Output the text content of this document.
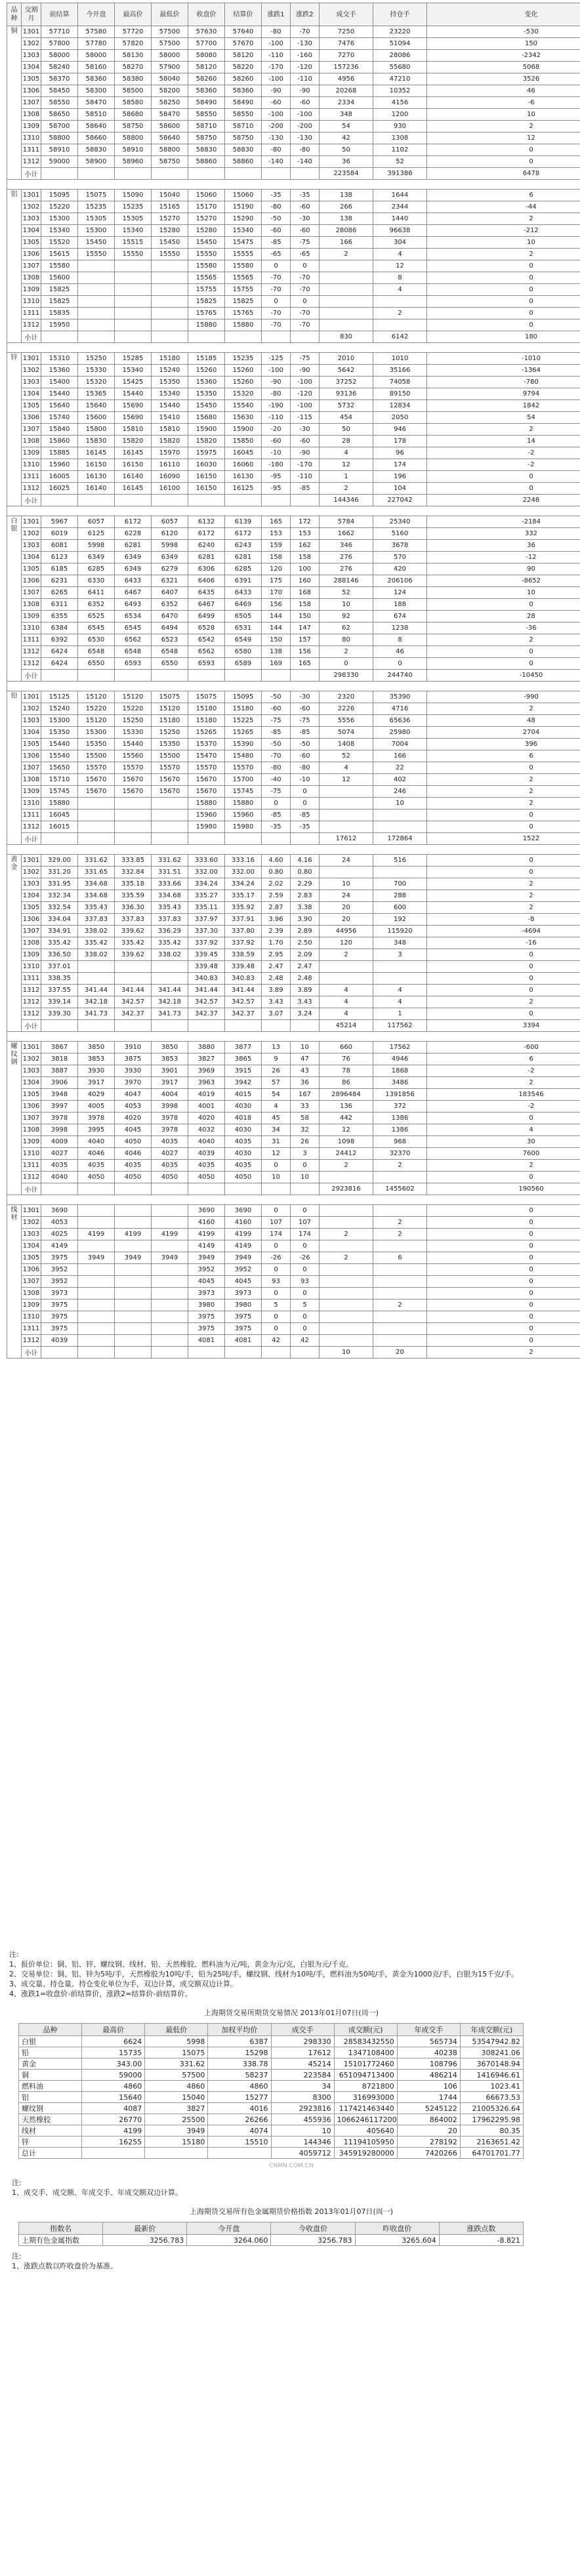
品种	交割月	前结算	今开盘	最高价	最低价	收盘价	结算价	涨跌1	涨跌2	成交手	持仓手	变化
铜	1301	57710	57580	57720	57500	57630	57640	-80	-70	7250	23220	-530
	1302	57800	57780	57820	57500	57700	57670	-100	-130	7476	51094	150
	1303	58000	58000	58130	58000	58080	58120	-110	-160	7270	28086	-2342
	1304	58240	58160	58270	57900	58120	58220	-170	-120	157236	55680	5068
	1305	58370	58360	58380	58040	58260	58260	-100	-110	4956	47210	3526
	1306	58450	58300	58500	58200	58360	58360	-90	-90	20268	10352	46
	1307	58550	58470	58580	58250	58490	58490	-60	-60	2334	4156	-6
	1308	58650	58510	58680	58470	58550	58550	-100	-100	348	1200	10
	1309	58700	58640	58750	58600	58710	58710	-200	-200	54	930	2
	1310	58800	58660	58800	58640	58750	58750	-130	-130	42	1308	12
	1311	58910	58830	58910	58800	58830	58830	-80	-80	50	1102	0
	1312	59000	58900	58960	58750	58860	58860	-140	-140	36	52	0
	小计									223584	391386	6478

铝	1301	15095	15075	15090	15040	15060	15060	-35	-35	138	1644	6
	1302	15220	15235	15235	15165	15170	15190	-80	-60	266	2344	-44
	1303	15300	15305	15305	15270	15270	15290	-50	-30	138	1440	2
	1304	15340	15300	15340	15280	15280	15340	-60	-60	28086	96638	-212
	1305	15520	15450	15515	15450	15450	15475	-85	-75	166	304	10
	1306	15615	15550	15550	15550	15550	15555	-65	-65	2	4	2
	1307	15580				15580	15580	0	0		12	0
	1308	15600				15565	15565	-70	-70		8	0
	1309	15825				15755	15755	-70	-70		4	0
	1310	15825				15825	15825	0	0			0
	1311	15835				15765	15765	-70	-70		2	0
	1312	15950				15880	15880	-70	-70			0
	小计									830	6142	180

锌	1301	15310	15250	15285	15180	15185	15235	-125	-75	2010	1010	-1010
	1302	15360	15330	15340	15240	15260	15260	-100	-90	5642	35166	-1364
	1303	15400	15320	15425	15350	15360	15260	-90	-100	37252	74058	-780
	1304	15440	15365	15440	15340	15350	15320	-80	-120	93136	89150	9794
	1305	15640	15640	15690	15440	15450	15540	-190	-100	5732	12834	1842
	1306	15740	15600	15690	15410	15680	15630	-110	-115	454	2050	54
	1307	15840	15800	15810	15810	15900	15900	-20	-30	50	946	2
	1308	15860	15830	15820	15820	15820	15850	-60	-60	28	178	14
	1309	15885	16145	16145	15970	15975	16045	-10	-90	4	96	-2
	1310	15960	16150	16150	16110	16030	16060	-180	-170	12	174	-2
	1311	16005	16130	16140	16090	16150	16130	-95	-110	1	196	0
	1312	16025	16140	16145	16100	16150	16125	-95	-85	2	104	0
	小计									144346	227042	2248

白银	1301	5967	6057	6172	6057	6132	6139	165	172	5784	25340	-2184
	1302	6019	6125	6228	6120	6172	6172	153	153	1662	5160	332
	1303	6081	5998	6281	5998	6240	6243	159	162	346	3678	36
	1304	6123	6349	6349	6349	6281	6281	158	158	276	570	-12
	1305	6185	6285	6349	6279	6306	6285	120	100	276	420	90
	1306	6231	6330	6433	6321	6406	6391	175	160	288146	206106	-8652
	1307	6265	6411	6467	6407	6435	6433	170	168	52	124	10
	1308	6311	6352	6493	6352	6467	6469	156	158	10	188	0
	1309	6355	6525	6534	6470	6499	6505	144	150	92	674	28
	1310	6384	6545	6545	6494	6528	6531	144	147	62	1238	-36
	1311	6392	6530	6562	6523	6542	6549	150	157	80	8	2
	1312	6424	6548	6548	6548	6562	6580	138	156	2	46	0
	1312	6424	6550	6593	6550	6593	6589	169	165	0	0	0
	小计									298330	244740	-10450

铅	1301	15125	15120	15120	15075	15075	15095	-50	-30	2320	35390	-990
	1302	15240	15220	15220	15120	15180	15180	-60	-60	2226	4716	2
	1303	15300	15120	15250	15180	15180	15225	-75	-75	5556	65636	48
	1304	15350	15300	15330	15250	15265	15265	-85	-85	5074	25980	2704
	1305	15440	15350	15440	15350	15370	15390	-50	-50	1408	7004	396
	1306	15540	15500	15560	15500	15470	15480	-70	-60	52	166	6
	1307	15650	15570	15570	15570	15570	15570	-80	-80	4	22	0
	1308	15710	15670	15670	15670	15670	15700	-40	-10	12	402	2
	1309	15745	15670	15670	15670	15670	15745	-75	0		246	2
	1310	15880				15880	15880	0	0		10	2
	1311	16045				15960	15960	-85	-85			0
	1312	16015				15980	15980	-35	-35			0
	小计									17612	172864	1522

黄金	1301	329.00	331.62	333.85	331.62	333.60	333.16	4.60	4.16	24	516	0
	1302	331.20	331.65	332.84	331.51	332.00	332.00	0.80	0.80			0
	1303	331.95	334.68	335.18	333.66	334.24	334.24	2.02	2.29	10	700	2
	1304	332.34	334.68	335.59	334.68	335.27	335.17	2.59	2.83	24	288	2
	1305	332.54	335.43	336.30	335.43	335.11	335.92	2.87	3.38	20	600	2
	1306	334.04	337.83	337.83	337.83	337.97	337.91	3.96	3.90	20	192	-8
	1307	334.91	338.02	339.62	336.29	337.30	337.80	2.39	2.89	44956	115920	-4694
	1308	335.42	335.42	335.42	335.42	337.92	337.92	1.70	2.50	120	348	-16
	1309	336.50	338.02	339.62	338.02	339.45	338.59	2.95	2.09	2	3	0
	1310	337.01				339.48	339.48	2.47	2.47			0
	1311	338.35				340.83	340.83	2.48	2.48			0
	1312	337.55	341.44	341.44	341.44	341.44	341.44	3.89	3.89	4	4	0
	1312	339.14	342.18	342.57	342.18	342.57	342.57	3.43	3.43	4	4	2
	1312	339.30	341.73	342.37	341.73	342.37	342.37	3.07	3.24	4	1	0
	小计									45214	117562	3394

螺纹钢	1301	3867	3850	3910	3850	3880	3877	13	10	660	17562	-600
	1302	3818	3853	3875	3853	3827	3865	9	47	76	4946	6
	1303	3887	3930	3930	3901	3969	3915	26	43	78	1868	-2
	1304	3906	3917	3970	3917	3963	3942	57	36	86	3486	2
	1305	3948	4029	4047	4004	4019	4015	54	167	2896484	1391856	183546
	1306	3997	4005	4053	3998	4001	4030	4	33	136	372	-2
	1307	3978	3978	4020	3978	4020	4018	45	58	442	1386	0
	1308	3998	3995	4045	3978	4032	4030	34	32	12	1386	4
	1309	4009	4040	4050	4035	4040	4035	31	26	1098	968	30
	1310	4027	4046	4046	4027	4039	4030	12	3	24412	32370	7600
	1311	4035	4035	4035	4035	4035	4035	0	0	2	2	2
	1312	4040	4050	4050	4050	4050	4050	10	10			0
	小计									2923816	1455602	190560

线材	1301	3690				3690	3690	0	0			0
	1302	4053				4160	4160	107	107		2	0
	1303	4025	4199	4199	4199	4199	4199	174	174	2	2	0
	1304	4149				4149	4149	0	0			0
	1305	3975	3949	3949	3949	3949	3949	-26	-26	2	6	0
	1306	3952				3952	3952	0	0			0
	1307	3952				4045	4045	93	93			0
	1308	3973				3973	3973	0	0			0
	1309	3975				3980	3980	5	5		2	0
	1310	3975				3975	3975	0	0			0
	1311	3975				3975	3975	0	0			0
	1312	4039				4081	4081	42	42			0
	小计									10	20	2

注:

1、报价单位：铜、铝、锌、螺纹钢、线材、铅、天然橡胶、燃料油为元/吨，黄金为元/克，白银为元/千克。

2、交易单位：铜、铝、锌为5吨/手，天然橡胶为10吨/手，铅为25吨/手，螺纹钢、线材为10吨/手，燃料油为50吨/手，黄金为1000克/手，白银为15千克/手。

3、成交量、持仓量、持仓变化单位为手，双边计算，成交额双边计算。

4、涨跌1=收盘价-前结算价，涨跌2=结算价-前结算价。

上海期货交易所期货交易情况 2013年01月07日(周一)
品种	最高价	最低价	加权平均价	成交手	成交额(元)	年成交手	年成交额(元)
白银	6624	5998	6387	298330	28583432550	565734	53547942.82
铅	15735	15075	15298	17612	1347108400	40238	308241.06
黄金	343.00	331.62	338.78	45214	15101772460	108796	3670148.94
铜	59000	57500	58237	223584	651094713400	486214	1416946.61
燃料油	4860	4860	4860	34	8721800	106	1023.41
铝	15640	15040	15277	8300	316993000	1744	66673.53
螺纹钢	4087	3827	4016	2923816	117421463440	5245122	21005326.64
天然橡胶	26770	25500	26266	455936	1066246117200	864002	17962295.98
线材	4199	3949	4074	10	405640	20	80.35
锌	16255	15180	15510	144346	11194105950	278192	2163651.42
总计				4059712	345919280000	7420266	64701701.77
CNMN.COM.CN

注:

1、成交手、成交额、年成交手、年成交额双边计算。

上海期货交易所有色金属期货价格指数 2013年01月07日(周一)
指数名	最新价	今开盘	今收盘价	昨收盘价	涨跌点数
上期有色金属指数	3256.783	3264.060	3256.783	3265.604	-8.821

注:

1、涨跌点数以昨收盘价为基准。
